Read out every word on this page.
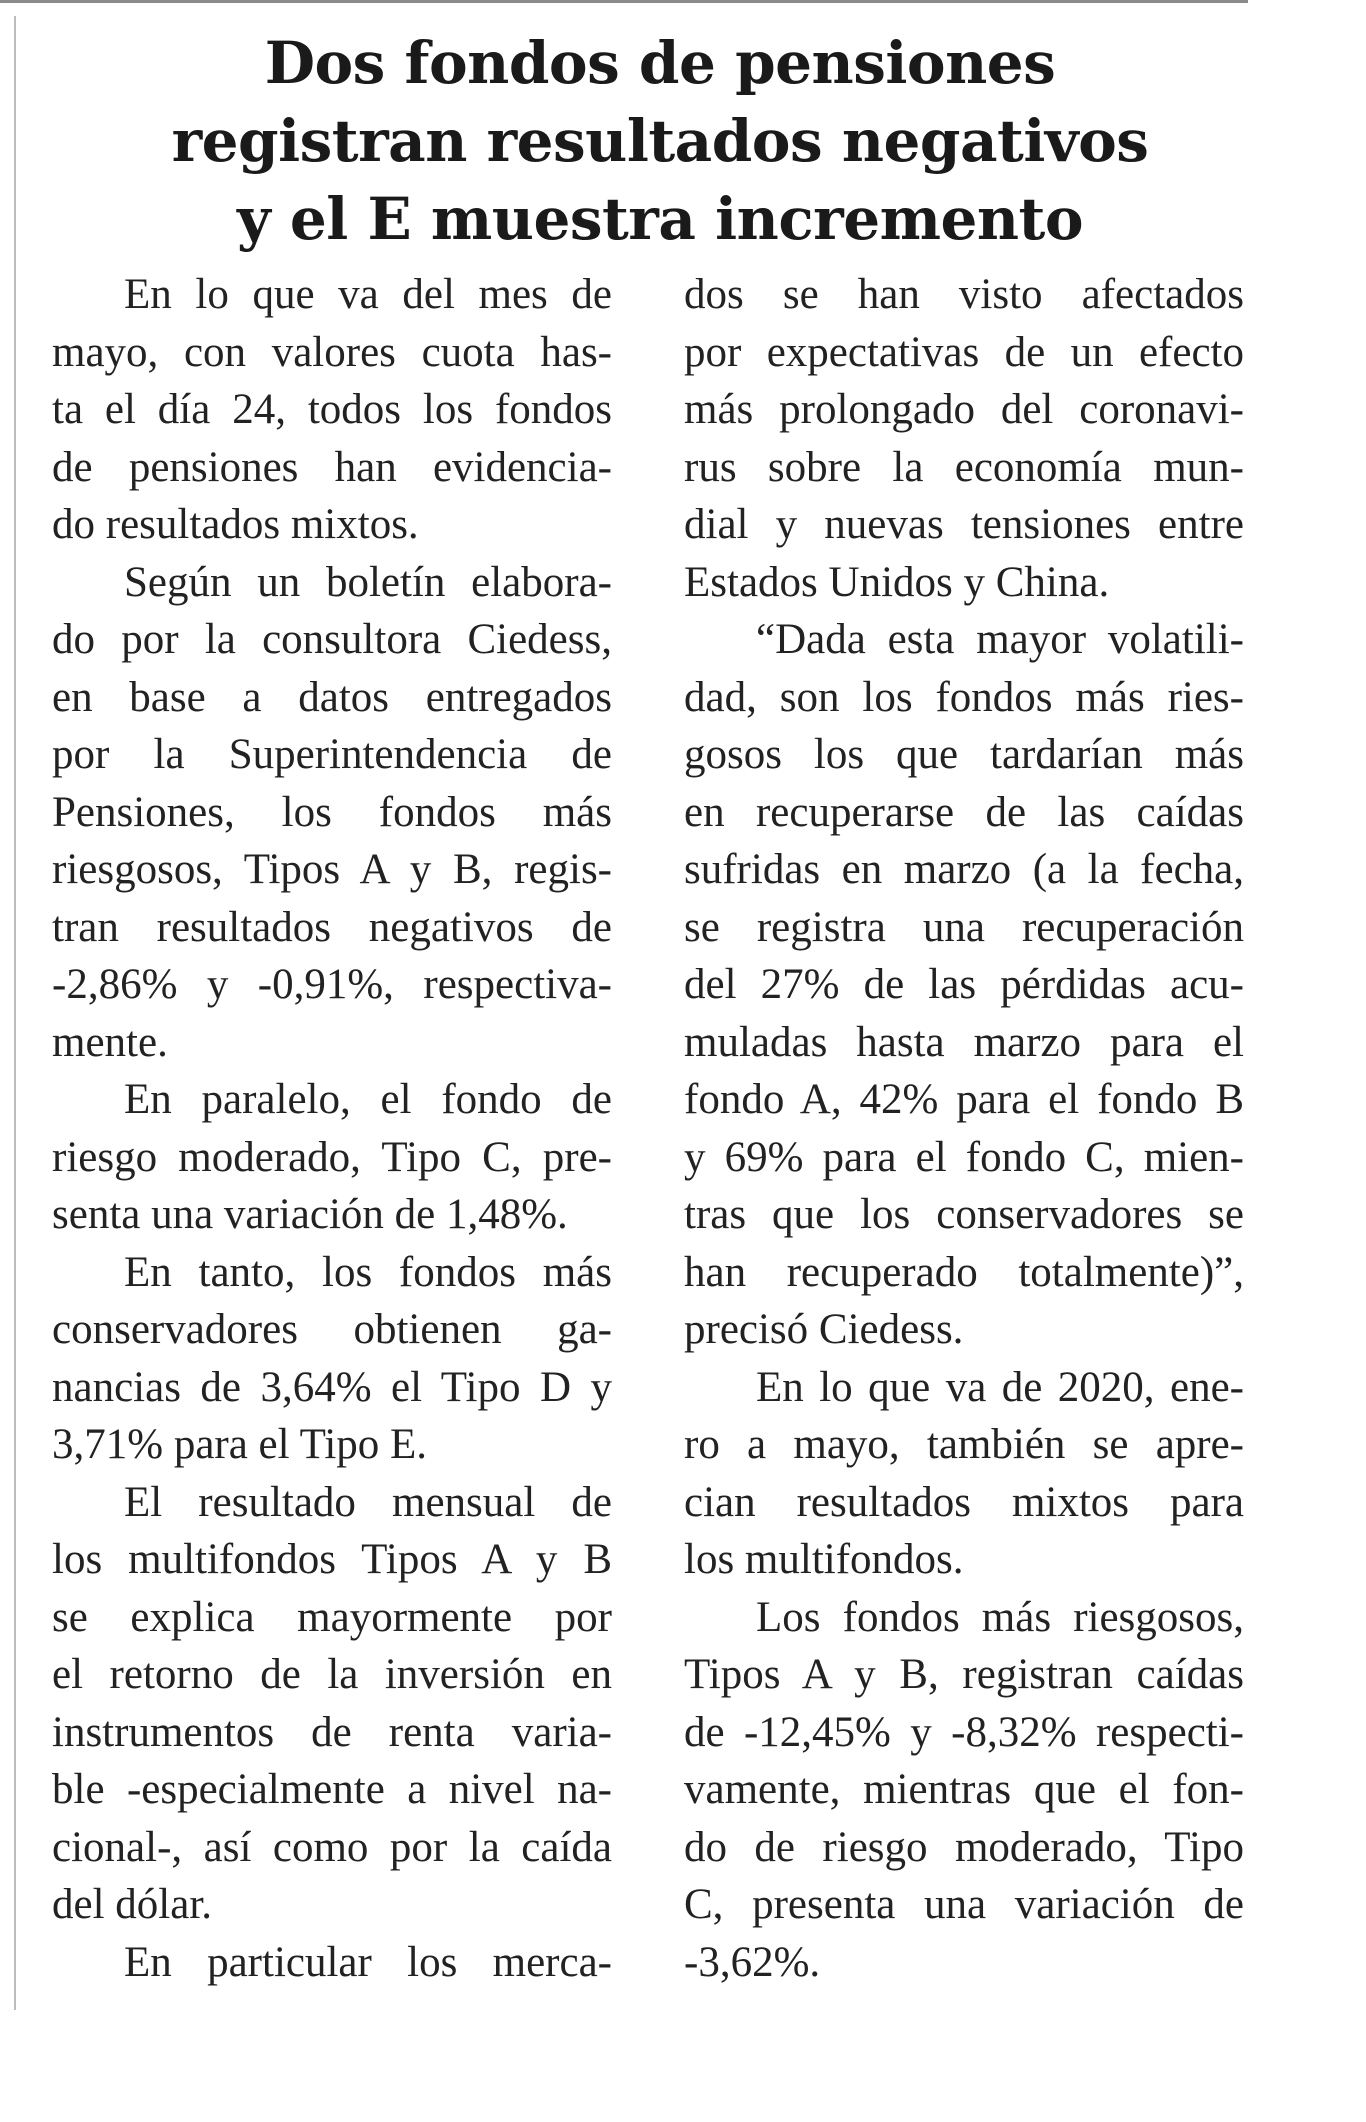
Dos fondos de pensiones
registran resultados negativos
y el E muestra incremento
En lo que va del mes de
mayo, con valores cuota has-
ta el día 24, todos los fondos
de pensiones han evidencia-
do resultados mixtos.
Según un boletín elabora-
do por la consultora Ciedess,
en base a datos entregados
por la Superintendencia de
Pensiones, los fondos más
riesgosos, Tipos A y B, regis-
tran resultados negativos de
-2,86% y -0,91%, respectiva-
mente.
En paralelo, el fondo de
riesgo moderado, Tipo C, pre-
senta una variación de 1,48%.
En tanto, los fondos más
conservadores obtienen ga-
nancias de 3,64% el Tipo D y
3,71% para el Tipo E.
El resultado mensual de
los multifondos Tipos A y B
se explica mayormente por
el retorno de la inversión en
instrumentos de renta varia-
ble -especialmente a nivel na-
cional-, así como por la caída
del dólar.
En particular los merca-
dos se han visto afectados
por expectativas de un efecto
más prolongado del coronavi-
rus sobre la economía mun-
dial y nuevas tensiones entre
Estados Unidos y China.
“Dada esta mayor volatili-
dad, son los fondos más ries-
gosos los que tardarían más
en recuperarse de las caídas
sufridas en marzo (a la fecha,
se registra una recuperación
del 27% de las pérdidas acu-
muladas hasta marzo para el
fondo A, 42% para el fondo B
y 69% para el fondo C, mien-
tras que los conservadores se
han recuperado totalmente)”,
precisó Ciedess.
En lo que va de 2020, ene-
ro a mayo, también se apre-
cian resultados mixtos para
los multifondos.
Los fondos más riesgosos,
Tipos A y B, registran caídas
de -12,45% y -8,32% respecti-
vamente, mientras que el fon-
do de riesgo moderado, Tipo
C, presenta una variación de
-3,62%.
